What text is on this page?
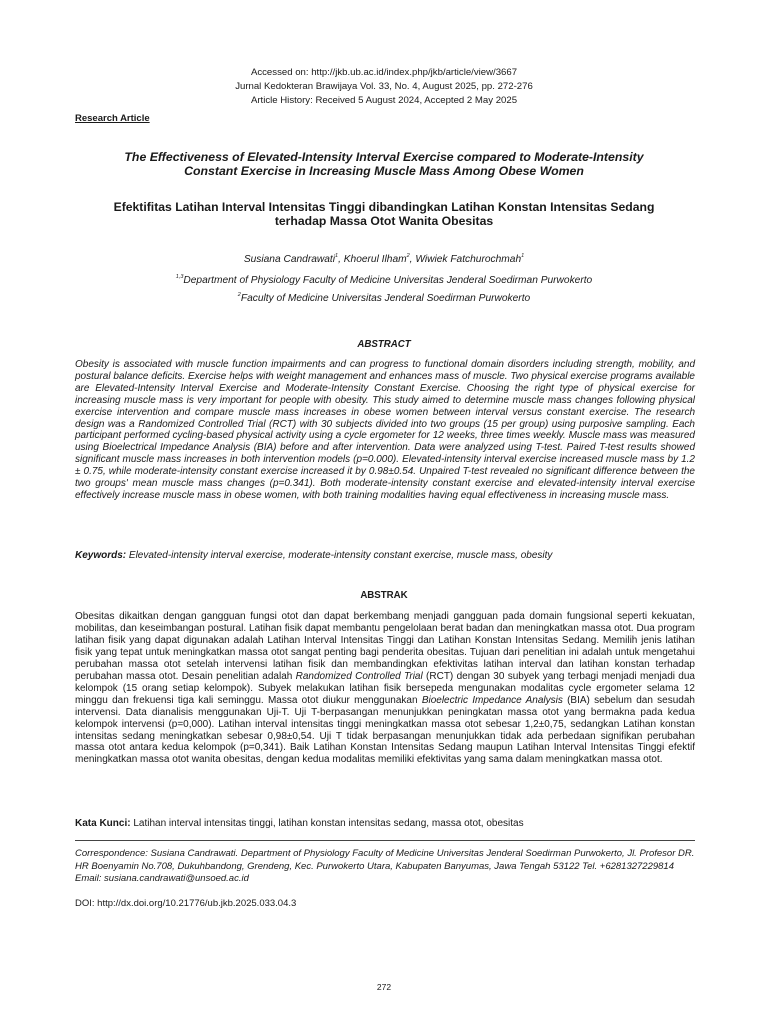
Accessed on: http://jkb.ub.ac.id/index.php/jkb/article/view/3667
Jurnal Kedokteran Brawijaya Vol. 33, No. 4, August 2025, pp. 272-276
Article History: Received 5 August 2024, Accepted 2 May 2025
Research Article
The Effectiveness of Elevated-Intensity Interval Exercise compared to Moderate-Intensity
Constant Exercise in Increasing Muscle Mass Among Obese Women
Efektifitas Latihan Interval Intensitas Tinggi dibandingkan Latihan Konstan Intensitas Sedang
terhadap Massa Otot Wanita Obesitas
Susiana Candrawati$^1$, Khoerul Ilham$^2$, Wiwiek Fatchurochmah$^1$
$^{1,3}$Department of Physiology Faculty of Medicine Universitas Jenderal Soedirman Purwokerto
$^2$Faculty of Medicine Universitas Jenderal Soedirman Purwokerto
ABSTRACT

Obesity is associated with muscle function impairments and can progress to functional domain disorders including strength, mobility, and postural balance deficits. Exercise helps with weight management and enhances mass of muscle. Two physical exercise programs available are Elevated-Intensity Interval Exercise and Moderate-Intensity Constant Exercise. Choosing the right type of physical exercise for increasing muscle mass is very important for people with obesity. This study aimed to determine muscle mass changes following physical exercise intervention and compare muscle mass increases in obese women between interval versus constant exercise. The research design was a Randomized Controlled Trial (RCT) with 30 subjects divided into two groups (15 per group) using purposive sampling. Each participant performed cycling-based physical activity using a cycle ergometer for 12 weeks, three times weekly. Muscle mass was measured using Bioelectrical Impedance Analysis (BIA) before and after intervention. Data were analyzed using T-test. Paired T-test results showed significant muscle mass increases in both intervention models (p=0.000). Elevated-intensity interval exercise increased muscle mass by 1.2 ± 0.75, while moderate-intensity constant exercise increased it by 0.98±0.54. Unpaired T-test revealed no significant difference between the two groups' mean muscle mass changes (p=0.341). Both moderate-intensity constant exercise and elevated-intensity interval exercise effectively increase muscle mass in obese women, with both training modalities having equal effectiveness in increasing muscle mass.

Keywords: Elevated-intensity interval exercise, moderate-intensity constant exercise, muscle mass, obesity

ABSTRAK

Obesitas dikaitkan dengan gangguan fungsi otot dan dapat berkembang menjadi gangguan pada domain fungsional seperti kekuatan, mobilitas, dan keseimbangan postural. Latihan fisik dapat membantu pengelolaan berat badan dan meningkatkan massa otot. Dua program latihan fisik yang dapat digunakan adalah Latihan Interval Intensitas Tinggi dan Latihan Konstan Intensitas Sedang. Memilih jenis latihan fisik yang tepat untuk meningkatkan massa otot sangat penting bagi penderita obesitas. Tujuan dari penelitian ini adalah untuk mengetahui perubahan massa otot setelah intervensi latihan fisik dan membandingkan efektivitas latihan interval dan latihan konstan terhadap perubahan massa otot. Desain penelitian adalah Randomized Controlled Trial (RCT) dengan 30 subyek yang terbagi menjadi menjadi dua kelompok (15 orang setiap kelompok). Subyek melakukan latihan fisik bersepeda mengunakan modalitas cycle ergometer selama 12 minggu dan frekuensi tiga kali seminggu. Massa otot diukur menggunakan Bioelectric Impedance Analysis (BIA) sebelum dan sesudah intervensi. Data dianalisis menggunakan Uji-T. Uji T-berpasangan menunjukkan peningkatan massa otot yang bermakna pada kedua kelompok intervensi (p=0,000). Latihan interval intensitas tinggi meningkatkan massa otot sebesar 1,2±0,75, sedangkan Latihan konstan intensitas sedang meningkatkan sebesar 0,98±0,54. Uji T tidak berpasangan menunjukkan tidak ada perbedaan signifikan perubahan massa otot antara kedua kelompok (p=0,341). Baik Latihan Konstan Intensitas Sedang maupun Latihan Interval Intensitas Tinggi efektif meningkatkan massa otot wanita obesitas, dengan kedua modalitas memiliki efektivitas yang sama dalam meningkatkan massa otot.

Kata Kunci: Latihan interval intensitas tinggi, latihan konstan intensitas sedang, massa otot, obesitas

Correspondence: Susiana Candrawati. Department of Physiology Faculty of Medicine Universitas Jenderal Soedirman Purwokerto, Jl. Profesor DR. HR Boenyamin No.708, Dukuhbandong, Grendeng, Kec. Purwokerto Utara, Kabupaten Banyumas, Jawa Tengah 53122 Tel. +6281327229814 Email: susiana.candrawati@unsoed.ac.id

DOI: http://dx.doi.org/10.21776/ub.jkb.2025.033.04.3
272
